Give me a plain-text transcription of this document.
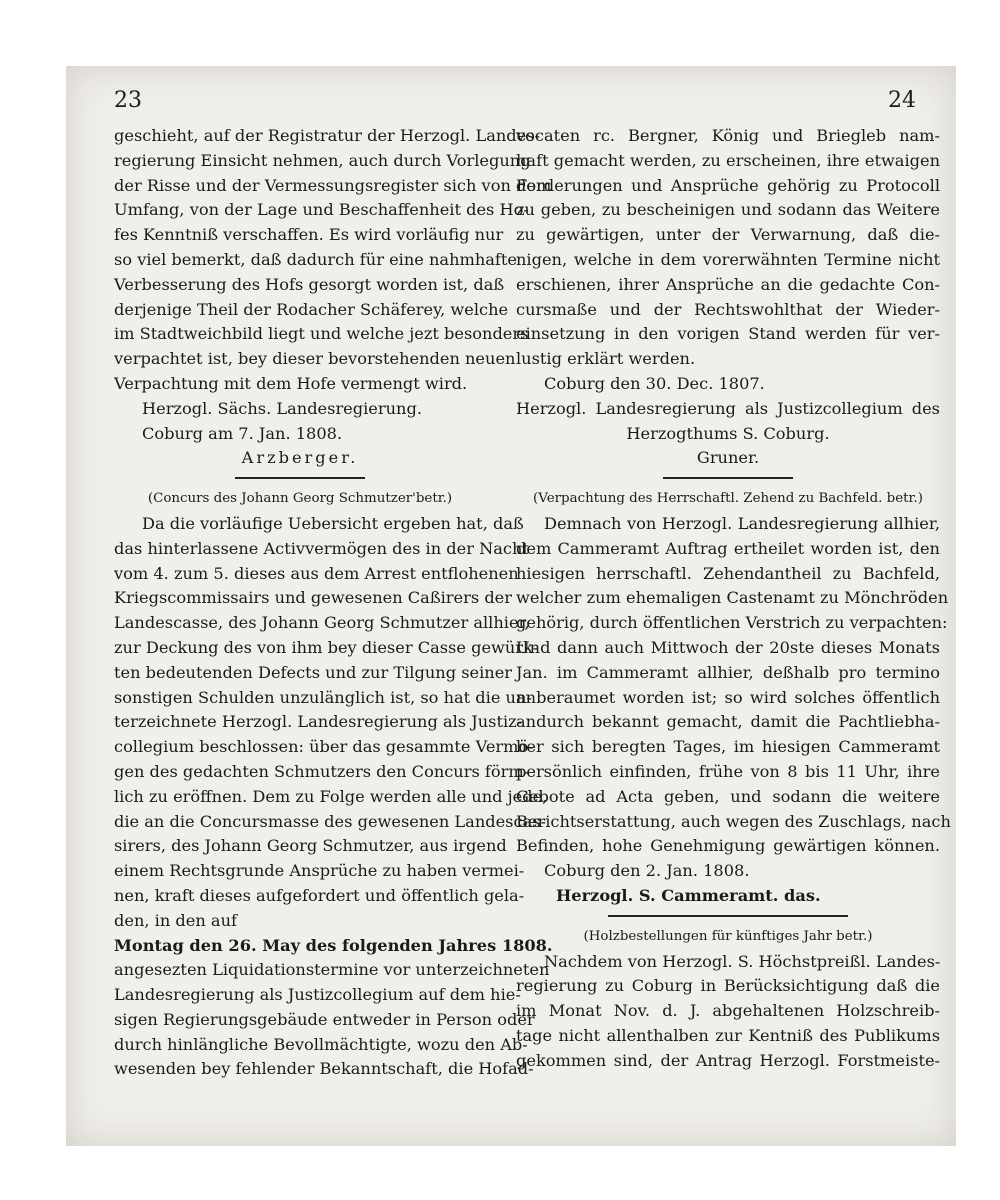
23	24
geschieht, auf der Registratur der Herzogl. Landes-
regierung Einsicht nehmen, auch durch Vorlegung
der Risse und der Vermessungsregister sich von dem
Umfang, von der Lage und Beschaffenheit des Ho-
fes Kenntniß verschaffen. Es wird vorläufig nur
so viel bemerkt, daß dadurch für eine nahmhafte
Verbesserung des Hofs gesorgt worden ist, daß
derjenige Theil der Rodacher Schäferey, welche
im Stadtweichbild liegt und welche jezt besonders
verpachtet ist, bey dieser bevorstehenden neuen
Verpachtung mit dem Hofe vermengt wird.
Herzogl. Sächs. Landesregierung.
Coburg am 7. Jan. 1808.
Arzberger.
(Concurs des Johann Georg Schmutzer'betr.)
Da die vorläufige Uebersicht ergeben hat, daß
das hinterlassene Activvermögen des in der Nacht
vom 4. zum 5. dieses aus dem Arrest entflohenen
Kriegscommissairs und gewesenen Caßirers der
Landescasse, des Johann Georg Schmutzer allhier,
zur Deckung des von ihm bey dieser Casse gewürk-
ten bedeutenden Defects und zur Tilgung seiner
sonstigen Schulden unzulänglich ist, so hat die un-
terzeichnete Herzogl. Landesregierung als Justiz-
collegium beschlossen: über das gesammte Vermö-
gen des gedachten Schmutzers den Concurs förm-
lich zu eröffnen. Dem zu Folge werden alle und jede,
die an die Concursmasse des gewesenen Landescas-
sirers, des Johann Georg Schmutzer, aus irgend
einem Rechtsgrunde Ansprüche zu haben vermei-
nen, kraft dieses aufgefordert und öffentlich gela-
den, in den auf
Montag den 26. May des folgenden Jahres 1808.
angesezten Liquidationstermine vor unterzeichneten
Landesregierung als Justizcollegium auf dem hie-
sigen Regierungsgebäude entweder in Person oder
durch hinlängliche Bevollmächtigte, wozu den Ab-
wesenden bey fehlender Bekanntschaft, die Hofad-
vocaten rc. Bergner, König und Brieglеb nam-
haft gemacht werden, zu erscheinen, ihre etwaigen
Forderungen und Ansprüche gehörig zu Protocoll
zu geben, zu bescheinigen und sodann das Weitere
zu gewärtigen, unter der Verwarnung, daß die-
nigen, welche in dem vorerwähnten Termine nicht
erschienen, ihrer Ansprüche an die gedachte Con-
cursmaße und der Rechtswohlthat der Wieder-
einsetzung in den vorigen Stand werden für ver-
lustig erklärt werden.
Coburg den 30. Dec. 1807.
Herzogl. Landesregierung als Justizcollegium des
Herzogthums S. Coburg.
Gruner.
(Verpachtung des Herrschaftl. Zehend zu Bachfeld. betr.)
Demnach von Herzogl. Landesregierung allhier,
dem Cammeramt Auftrag ertheilet worden ist, den
hiesigen herrschaftl. Zehendantheil zu Bachfeld,
welcher zum ehemaligen Castenamt zu Mönchröden
gehörig, durch öffentlichen Verstrich zu verpachten:
Und dann auch Mittwoch der 20ste dieses Monats
Jan. im Cammeramt allhier, deßhalb pro termino
anberaumet worden ist; so wird solches öffentlich
andurch bekannt gemacht, damit die Pachtliebha-
ber sich beregten Tages, im hiesigen Cammeramt
persönlich einfinden, frühe von 8 bis 11 Uhr, ihre
Gebote ad Acta geben, und sodann die weitere
Berichtserstattung, auch wegen des Zuschlags, nach
Befinden, hohe Genehmigung gewärtigen können.
Coburg den 2. Jan. 1808.
Herzogl. S. Cammeramt. das.
(Holzbestellungen für künftiges Jahr betr.)
Nachdem von Herzogl. S. Höchstpreißl. Landes-
regierung zu Coburg in Berücksichtigung daß die
im Monat Nov. d. J. abgehaltenen Holzschreib-
tage nicht allenthalben zur Kentniß des Publikums
gekommen sind, der Antrag Herzogl. Forstmeiste-
